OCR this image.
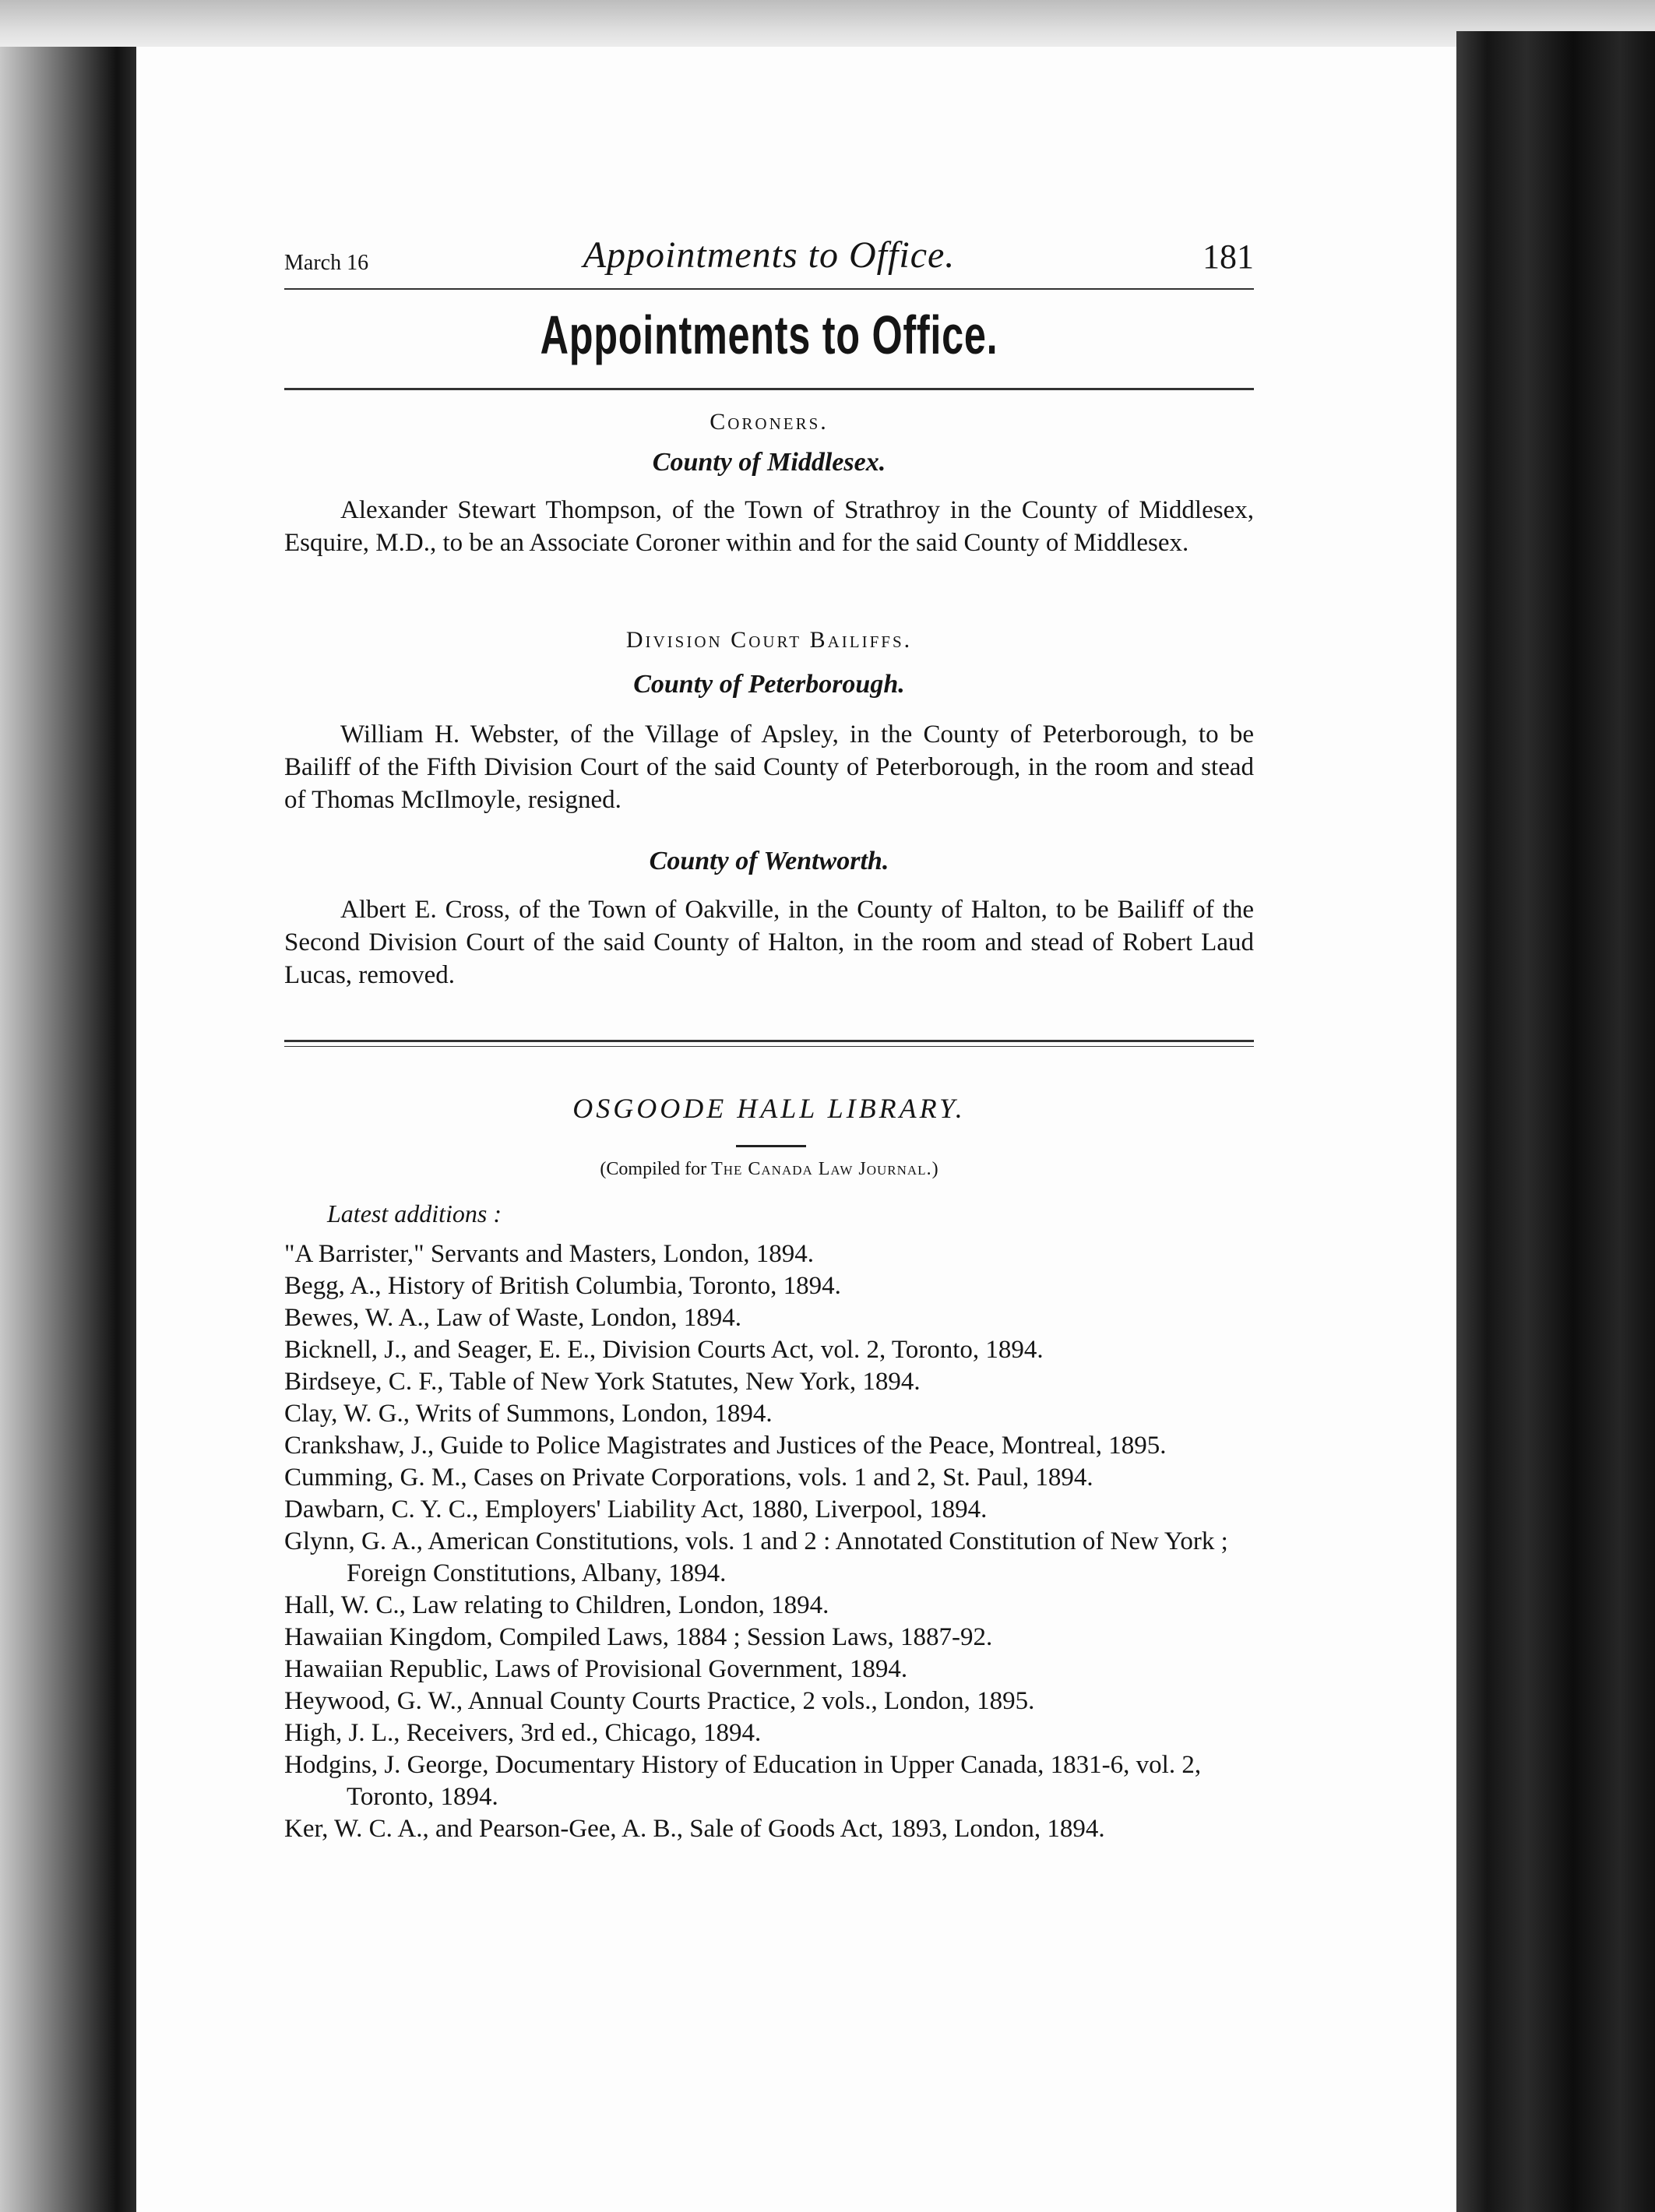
March 16	Appointments to Office.	181
Appointments to Office.
Coroners.
County of Middlesex.
Alexander Stewart Thompson, of the Town of Strathroy in the County of Middlesex, Esquire, M.D., to be an Associate Coroner within and for the said County of Middlesex.
Division Court Bailiffs.
County of Peterborough.
William H. Webster, of the Village of Apsley, in the County of Peterborough, to be Bailiff of the Fifth Division Court of the said County of Peterborough, in the room and stead of Thomas McIlmoyle, resigned.
County of Wentworth.
Albert E. Cross, of the Town of Oakville, in the County of Halton, to be Bailiff of the Second Division Court of the said County of Halton, in the room and stead of Robert Laud Lucas, removed.
OSGOODE HALL LIBRARY.
(Compiled for The Canada Law Journal.)
Latest additions :
"A Barrister," Servants and Masters, London, 1894.
Begg, A., History of British Columbia, Toronto, 1894.
Bewes, W. A., Law of Waste, London, 1894.
Bicknell, J., and Seager, E. E., Division Courts Act, vol. 2, Toronto, 1894.
Birdseye, C. F., Table of New York Statutes, New York, 1894.
Clay, W. G., Writs of Summons, London, 1894.
Crankshaw, J., Guide to Police Magistrates and Justices of the Peace, Montreal, 1895.
Cumming, G. M., Cases on Private Corporations, vols. 1 and 2, St. Paul, 1894.
Dawbarn, C. Y. C., Employers' Liability Act, 1880, Liverpool, 1894.
Glynn, G. A., American Constitutions, vols. 1 and 2 : Annotated Constitution of New York ; Foreign Constitutions, Albany, 1894.
Hall, W. C., Law relating to Children, London, 1894.
Hawaiian Kingdom, Compiled Laws, 1884 ; Session Laws, 1887-92.
Hawaiian Republic, Laws of Provisional Government, 1894.
Heywood, G. W., Annual County Courts Practice, 2 vols., London, 1895.
High, J. L., Receivers, 3rd ed., Chicago, 1894.
Hodgins, J. George, Documentary History of Education in Upper Canada, 1831-6, vol. 2, Toronto, 1894.
Ker, W. C. A., and Pearson-Gee, A. B., Sale of Goods Act, 1893, London, 1894.
